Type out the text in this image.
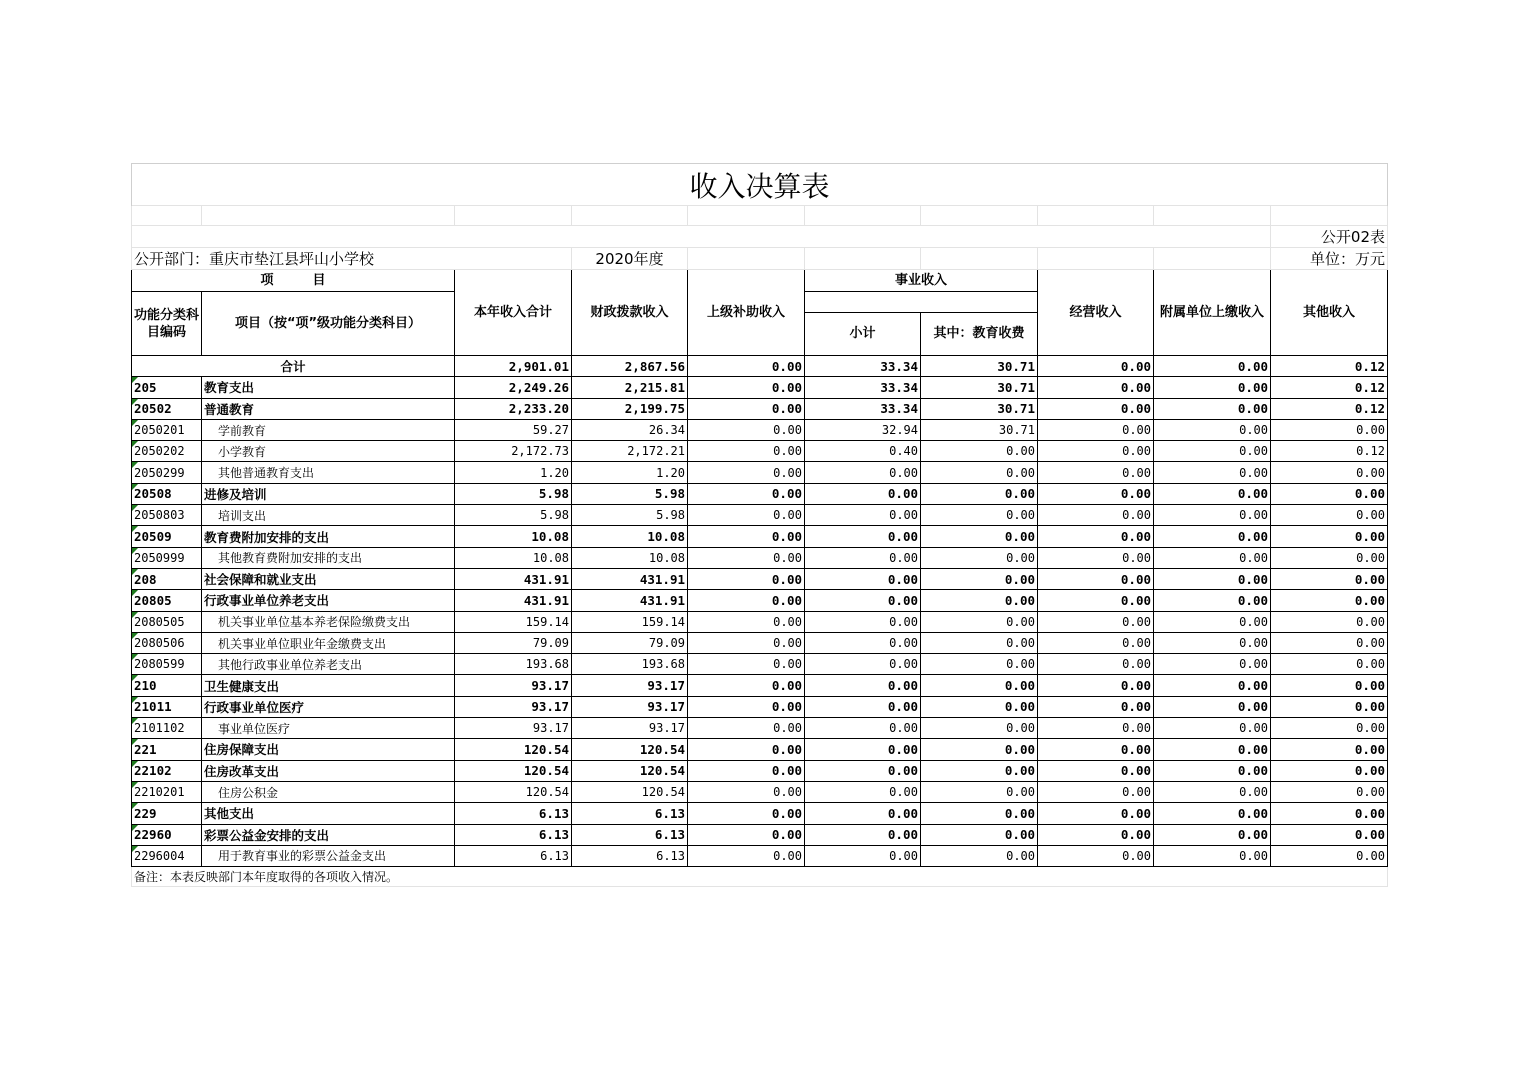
收入决算表									

									公开02表
公开部门：重庆市垫江县坪山小学校			2020年度						单位：万元
项　　　目		本年收入合计	财政拨款收入	上级补助收入	事业收入		经营收入	附属单位上缴收入	其他收入
功能分类科目编码	项目（按“项”级功能分类科目）								
					小计	其中：教育收费			
合计		2,901.01	2,867.56	0.00	33.34	30.71	0.00	0.00	0.12
205	教育支出	2,249.26	2,215.81	0.00	33.34	30.71	0.00	0.00	0.12
20502	普通教育	2,233.20	2,199.75	0.00	33.34	30.71	0.00	0.00	0.12
2050201	学前教育	59.27	26.34	0.00	32.94	30.71	0.00	0.00	0.00
2050202	小学教育	2,172.73	2,172.21	0.00	0.40	0.00	0.00	0.00	0.12
2050299	其他普通教育支出	1.20	1.20	0.00	0.00	0.00	0.00	0.00	0.00
20508	进修及培训	5.98	5.98	0.00	0.00	0.00	0.00	0.00	0.00
2050803	培训支出	5.98	5.98	0.00	0.00	0.00	0.00	0.00	0.00
20509	教育费附加安排的支出	10.08	10.08	0.00	0.00	0.00	0.00	0.00	0.00
2050999	其他教育费附加安排的支出	10.08	10.08	0.00	0.00	0.00	0.00	0.00	0.00
208	社会保障和就业支出	431.91	431.91	0.00	0.00	0.00	0.00	0.00	0.00
20805	行政事业单位养老支出	431.91	431.91	0.00	0.00	0.00	0.00	0.00	0.00
2080505	机关事业单位基本养老保险缴费支出	159.14	159.14	0.00	0.00	0.00	0.00	0.00	0.00
2080506	机关事业单位职业年金缴费支出	79.09	79.09	0.00	0.00	0.00	0.00	0.00	0.00
2080599	其他行政事业单位养老支出	193.68	193.68	0.00	0.00	0.00	0.00	0.00	0.00
210	卫生健康支出	93.17	93.17	0.00	0.00	0.00	0.00	0.00	0.00
21011	行政事业单位医疗	93.17	93.17	0.00	0.00	0.00	0.00	0.00	0.00
2101102	事业单位医疗	93.17	93.17	0.00	0.00	0.00	0.00	0.00	0.00
221	住房保障支出	120.54	120.54	0.00	0.00	0.00	0.00	0.00	0.00
22102	住房改革支出	120.54	120.54	0.00	0.00	0.00	0.00	0.00	0.00
2210201	住房公积金	120.54	120.54	0.00	0.00	0.00	0.00	0.00	0.00
229	其他支出	6.13	6.13	0.00	0.00	0.00	0.00	0.00	0.00
22960	彩票公益金安排的支出	6.13	6.13	0.00	0.00	0.00	0.00	0.00	0.00
2296004	用于教育事业的彩票公益金支出	6.13	6.13	0.00	0.00	0.00	0.00	0.00	0.00
备注：本表反映部门本年度取得的各项收入情况。									
